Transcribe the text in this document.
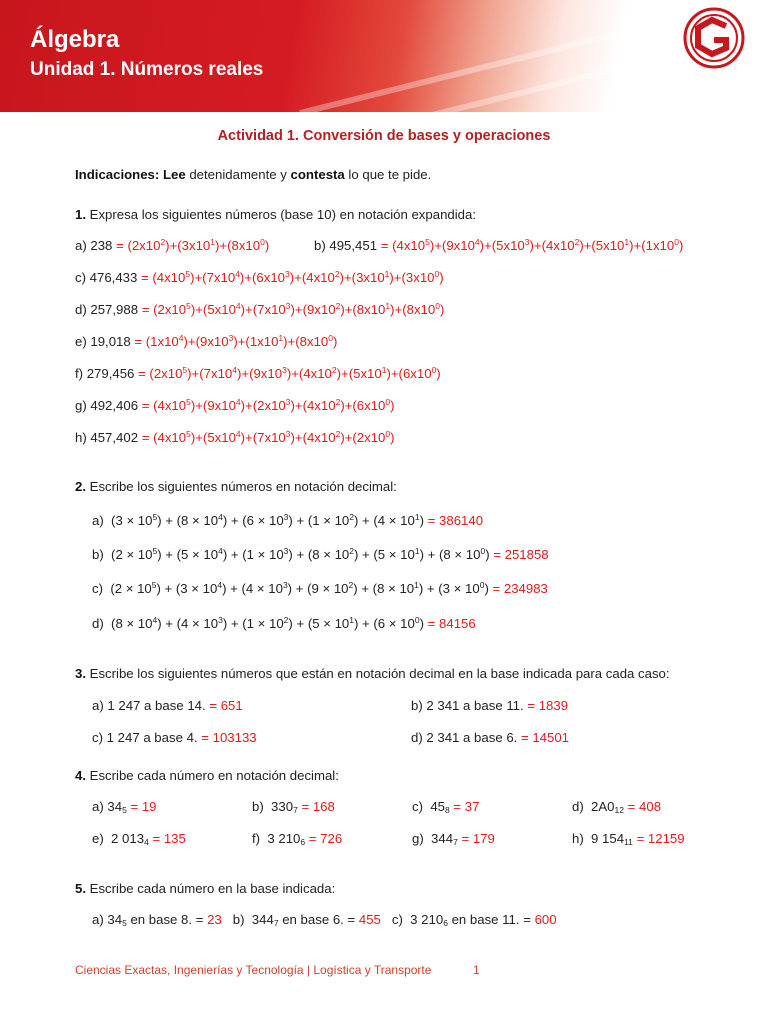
Álgebra
Unidad 1. Números reales
Actividad 1. Conversión de bases y operaciones
Indicaciones: Lee detenidamente y contesta lo que te pide.
1. Expresa los siguientes números (base 10) en notación expandida:
a) $238 = (2x10^2)+(3x10^1)+(8x10^0)$	b) $495,451 = (4x10^5)+(9x10^4)+(5x10^3)+(4x10^2)+(5x10^1)+(1x10^0)$
c) $476,433 = (4x10^5)+(7x10^4)+(6x10^3)+(4x10^2)+(3x10^1)+(3x10^0)$
d) $257,988 = (2x10^5)+(5x10^4)+(7x10^3)+(9x10^2)+(8x10^1)+(8x10^0)$
e) $19,018 = (1x10^4)+(9x10^3)+(1x10^1)+(8x10^0)$
f) $279,456 = (2x10^5)+(7x10^4)+(9x10^3)+(4x10^2)+(5x10^1)+(6x10^0)$
g) $492,406 = (4x10^5)+(9x10^4)+(2x10^3)+(4x10^2)+(6x10^0)$
h) $457,402 = (4x10^5)+(5x10^4)+(7x10^3)+(4x10^2)+(2x10^0)$
2. Escribe los siguientes números en notación decimal:
a)  $(3 \times 10^5) + (8 \times 10^4) + (6 \times 10^3) + (1 \times 10^2) + (4 \times 10^1) = 386140$
b)  $(2 \times 10^5) + (5 \times 10^4) + (1 \times 10^3) + (8 \times 10^2) + (5 \times 10^1) + (8 \times 10^0) = 251858$
c)  $(2 \times 10^5) + (3 \times 10^4) + (4 \times 10^3) + (9 \times 10^2) + (8 \times 10^1) + (3 \times 10^0) = 234983$
d)  $(8 \times 10^4) + (4 \times 10^3) + (1 \times 10^2) + (5 \times 10^1) + (6 \times 10^0) = 84156$
3. Escribe los siguientes números que están en notación decimal en la base indicada para cada caso:
a) 1 247 a base 14. = 651	b) 2 341 a base 11. = 1839
c) 1 247 a base 4. = 103133	d) 2 341 a base 6. = 14501
4. Escribe cada número en notación decimal:
a) $34_5 = 19$	b)  $330_7 = 168$	c)  $45_8 = 37$	d)  $2A0_{12} = 408$
e)  2 $013_4 = 135$	f)  3 $210_6 = 726$	g)  $344_7 = 179$	h)  9 $154_{11} = 12159$
5. Escribe cada número en la base indicada:
a) $34_5$ en base 8. = 23   b)  $344_7$ en base 6. = 455   c)  3 $210_6$ en base 11. = 600
Ciencias Exactas, Ingenierías y Tecnología | Logística y Transporte	1
